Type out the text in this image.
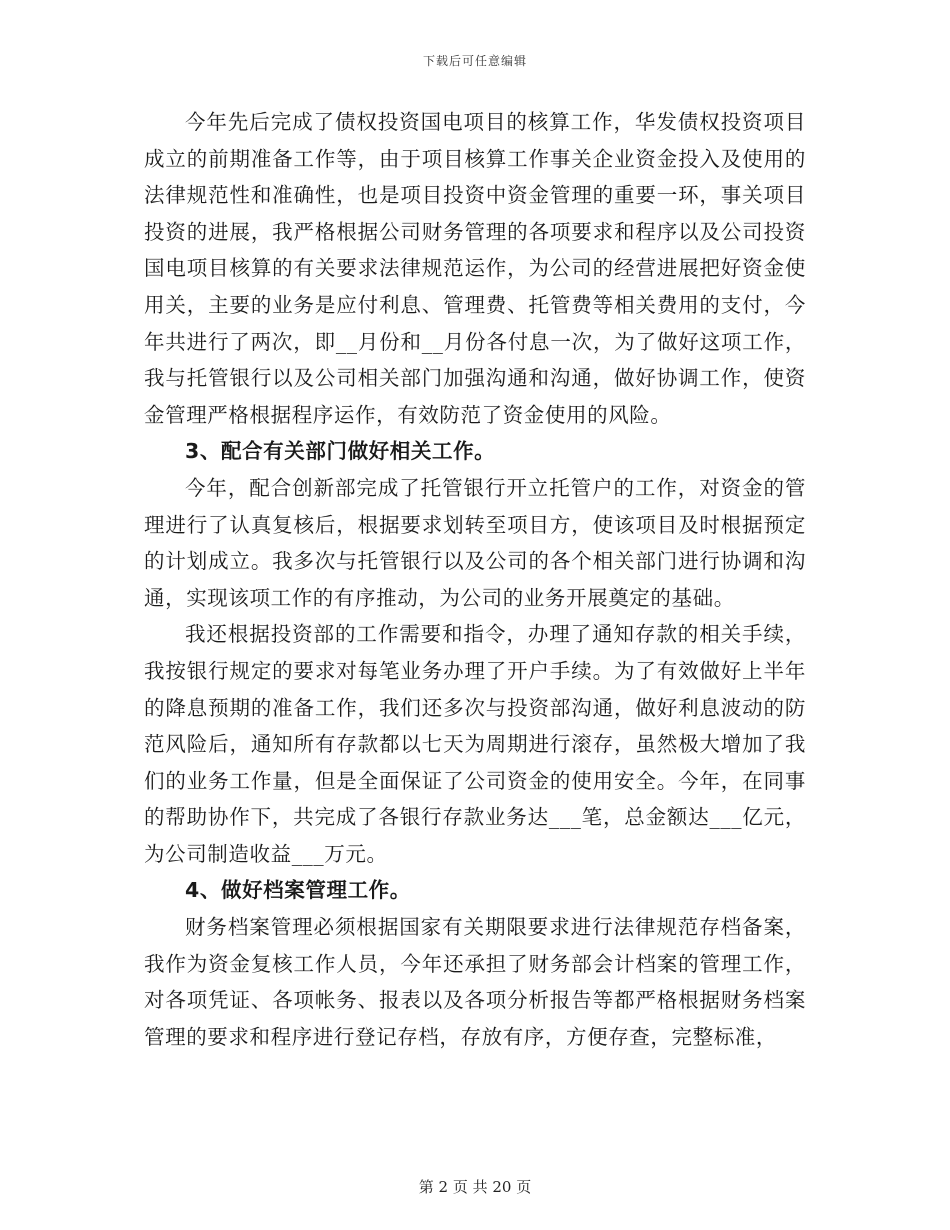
下载后可任意编辑

今年先后完成了债权投资国电项目的核算工作，华发债权投资项目成立的前期准备工作等，由于项目核算工作事关企业资金投入及使用的法律规范性和准确性，也是项目投资中资金管理的重要一环，事关项目投资的进展，我严格根据公司财务管理的各项要求和程序以及公司投资国电项目核算的有关要求法律规范运作，为公司的经营进展把好资金使用关，主要的业务是应付利息、管理费、托管费等相关费用的支付，今年共进行了两次，即__月份和__月份各付息一次，为了做好这项工作，我与托管银行以及公司相关部门加强沟通和沟通，做好协调工作，使资金管理严格根据程序运作，有效防范了资金使用的风险。

3、配合有关部门做好相关工作。

今年，配合创新部完成了托管银行开立托管户的工作，对资金的管理进行了认真复核后，根据要求划转至项目方，使该项目及时根据预定的计划成立。我多次与托管银行以及公司的各个相关部门进行协调和沟通，实现该项工作的有序推动，为公司的业务开展奠定的基础。

我还根据投资部的工作需要和指令，办理了通知存款的相关手续，我按银行规定的要求对每笔业务办理了开户手续。为了有效做好上半年的降息预期的准备工作，我们还多次与投资部沟通，做好利息波动的防范风险后，通知所有存款都以七天为周期进行滚存，虽然极大增加了我们的业务工作量，但是全面保证了公司资金的使用安全。今年，在同事的帮助协作下，共完成了各银行存款业务达___笔，总金额达___亿元，为公司制造收益___万元。

4、做好档案管理工作。

财务档案管理必须根据国家有关期限要求进行法律规范存档备案，我作为资金复核工作人员，今年还承担了财务部会计档案的管理工作，对各项凭证、各项帐务、报表以及各项分析报告等都严格根据财务档案管理的要求和程序进行登记存档，存放有序，方便存查，完整标准，

第 2 页 共 20 页
